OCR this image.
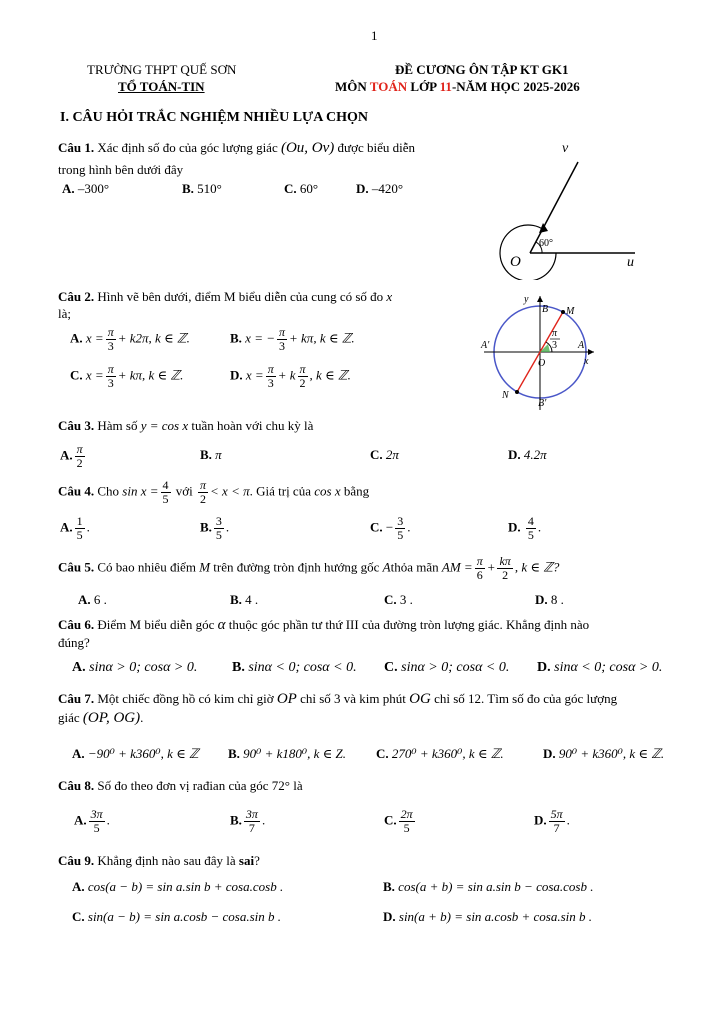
1
TRƯỜNG THPT QUẾ SƠN
TỔ TOÁN-TIN
ĐỀ CƯƠNG ÔN TẬP KT GK1
MÔN TOÁN LỚP 11-NĂM HỌC 2025-2026
I. CÂU HỎI TRẮC NGHIỆM NHIỀU LỰA CHỌN
Câu 1. Xác định số đo của góc lượng giác (Ou, Ov) được biểu diễn
trong hình bên dưới đây
A. –300°	B. 510°	C. 60°	D. –420°
v
u
O
60°
Câu 2. Hình vẽ bên dưới, điểm M biểu diễn của cung có số đo x
là;
A. $x = \frac{\pi}{3} + k2\pi$, k ∈ ℤ.	B. x = − $\frac{\pi}{3} + k\pi$, k ∈ ℤ.
C. $x = \frac{\pi}{3} + k\pi$, k ∈ ℤ.	D. $x = \frac{\pi}{3} + k \frac{\pi}{2}$ , k ∈ ℤ.
y
x
B M
A'	A
O
N
B'
π
3
Câu 3. Hàm số y = cos x tuần hoàn với chu kỳ là
A. $\frac{\pi}{2}$	B. π	C. 2π	D. 4.2π
Câu 4. Cho $\sin x = \frac{4}{5}$ với $\frac{\pi}{2} < x < \pi$. Giá trị của cos x bằng
A. $\frac{1}{5}$ .	B. $\frac{3}{5}$ .	C. − $\frac{3}{5}$ .	D. $\frac{4}{5}$ .
Câu 5. Có bao nhiêu điểm M trên đường tròn định hướng gốc Athỏa mãn AM = $\frac{\pi}{6} + \frac{k\pi}{2}$ , k ∈ ℤ?
A. 6 .	B. 4 .	C. 3 .	D. 8 .
Câu 6. Điểm M biểu diễn góc α thuộc góc phần tư thứ III của đường tròn lượng giác. Khẳng định nào
đúng?
A. sinα > 0; cosα > 0. B. sinα < 0; cosα < 0. C. sinα > 0; cosα < 0. D. sinα < 0; cosα > 0.
Câu 7. Một chiếc đồng hồ có kim chỉ giờ OP chỉ số 3 và kim phút OG chỉ số 12. Tìm số đo của góc lượng
giác (OP, OG).
A. −90⁰ + k360⁰, k ∈ ℤ B. 90⁰ + k180⁰, k ∈ Z. C. 270⁰ + k360⁰, k ∈ ℤ.	D. 90⁰ + k360⁰, k ∈ ℤ.
Câu 8. Số đo theo đơn vị rađian của góc 72° là
A. $\frac{3\pi}{5}$ .	B. $\frac{3\pi}{7}$ .	C. $\frac{2\pi}{5}$	D. $\frac{5\pi}{7}$ .
Câu 9. Khẳng định nào sau đây là sai?
A. cos(a − b) = sin a.sin b + cosa.cosb .	B. cos(a + b) = sin a.sin b − cosa.cosb .
C. sin(a − b) = sin a.cosb − cosa.sin b .	D. sin(a + b) = sin a.cosb + cosa.sin b .
